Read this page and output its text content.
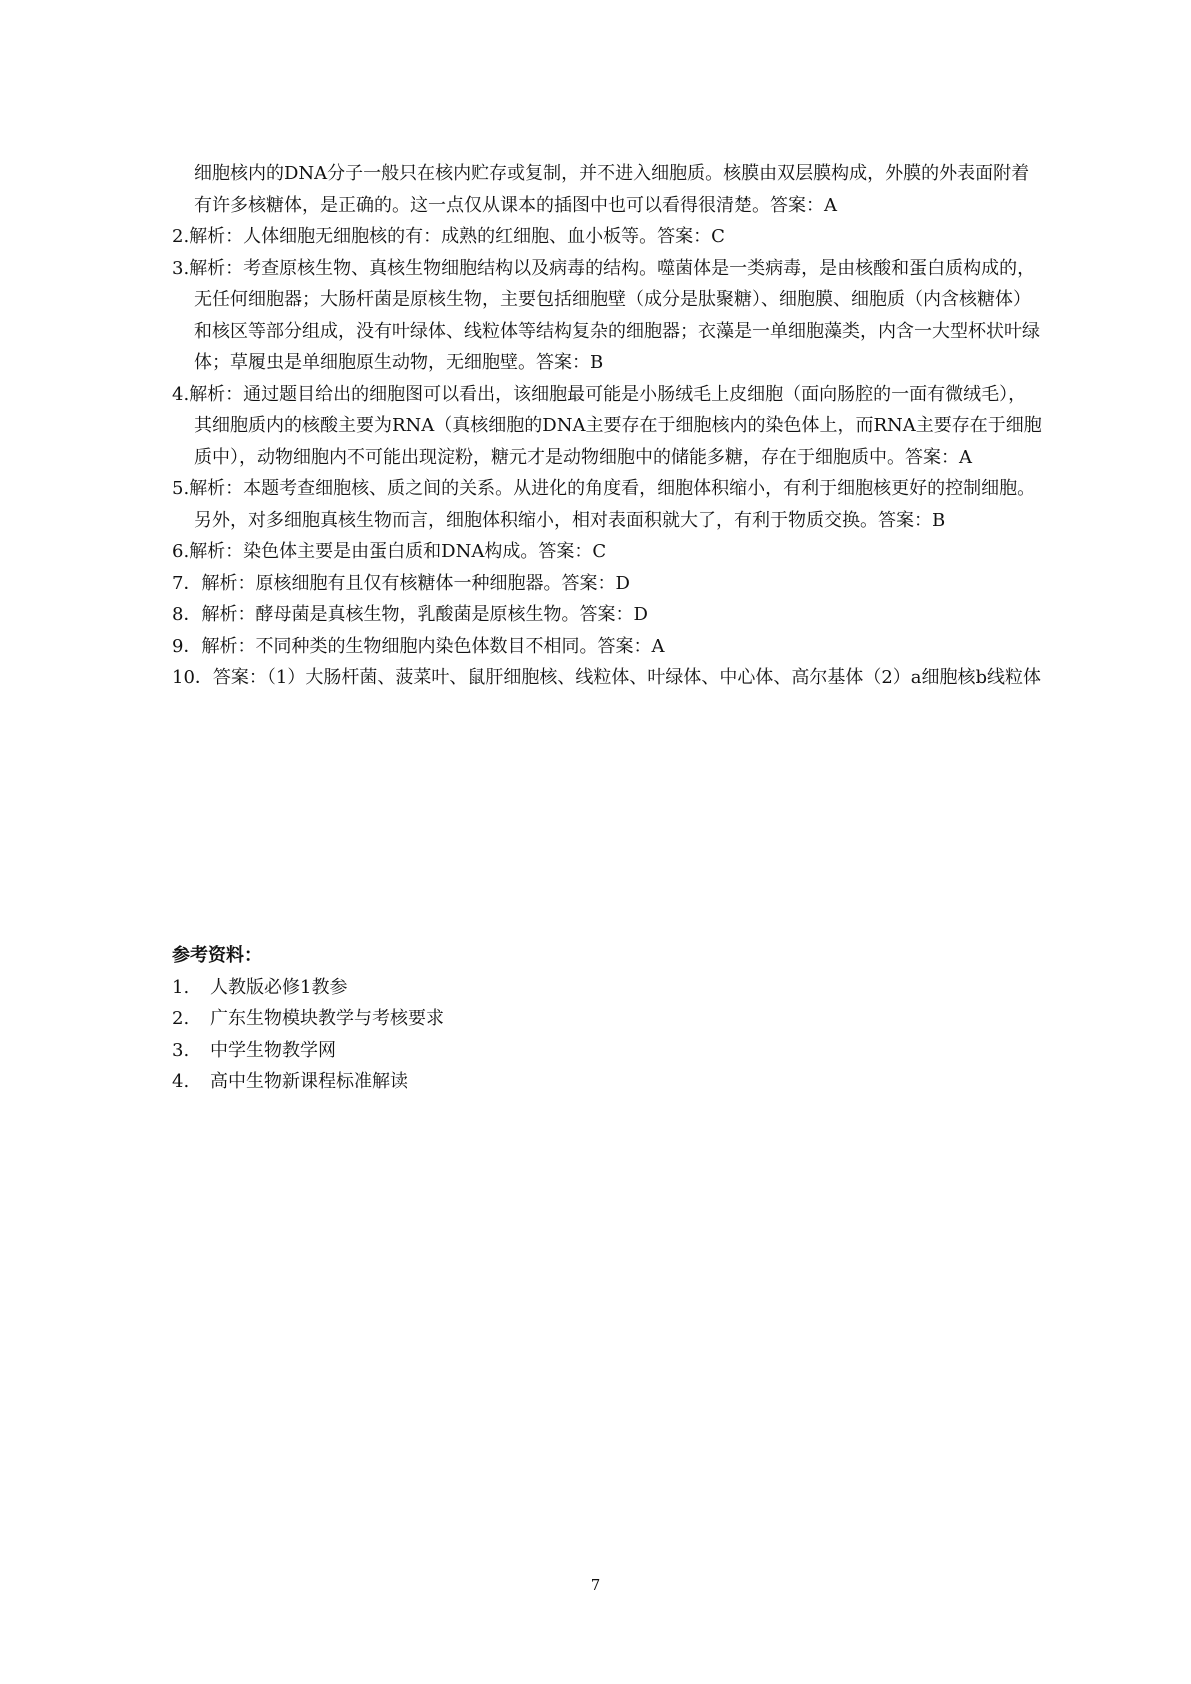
细胞核内的DNA分子一般只在核内贮存或复制，并不进入细胞质。核膜由双层膜构成，外膜的外表面附着有许多核糖体，是正确的。这一点仅从课本的插图中也可以看得很清楚。答案：A
2.解析：人体细胞无细胞核的有：成熟的红细胞、血小板等。答案：C
3.解析：考查原核生物、真核生物细胞结构以及病毒的结构。噬菌体是一类病毒，是由核酸和蛋白质构成的，无任何细胞器；大肠杆菌是原核生物，主要包括细胞壁（成分是肽聚糖）、细胞膜、细胞质（内含核糖体）和核区等部分组成，没有叶绿体、线粒体等结构复杂的细胞器；衣藻是一单细胞藻类，内含一大型杯状叶绿体；草履虫是单细胞原生动物，无细胞壁。答案：B
4.解析：通过题目给出的细胞图可以看出，该细胞最可能是小肠绒毛上皮细胞（面向肠腔的一面有微绒毛），其细胞质内的核酸主要为RNA（真核细胞的DNA主要存在于细胞核内的染色体上，而RNA主要存在于细胞质中），动物细胞内不可能出现淀粉，糖元才是动物细胞中的储能多糖，存在于细胞质中。答案：A
5.解析：本题考查细胞核、质之间的关系。从进化的角度看，细胞体积缩小，有利于细胞核更好的控制细胞。另外，对多细胞真核生物而言，细胞体积缩小，相对表面积就大了，有利于物质交换。答案：B
6.解析：染色体主要是由蛋白质和DNA构成。答案：C
7．解析：原核细胞有且仅有核糖体一种细胞器。答案：D
8．解析：酵母菌是真核生物，乳酸菌是原核生物。答案：D
9．解析：不同种类的生物细胞内染色体数目不相同。答案：A
10．答案：（1）大肠杆菌、菠菜叶、鼠肝细胞核、线粒体、叶绿体、中心体、高尔基体（2）a细胞核b线粒体
参考资料：
1. 人教版必修1教参
2. 广东生物模块教学与考核要求
3. 中学生物教学网
4. 高中生物新课程标准解读
7
